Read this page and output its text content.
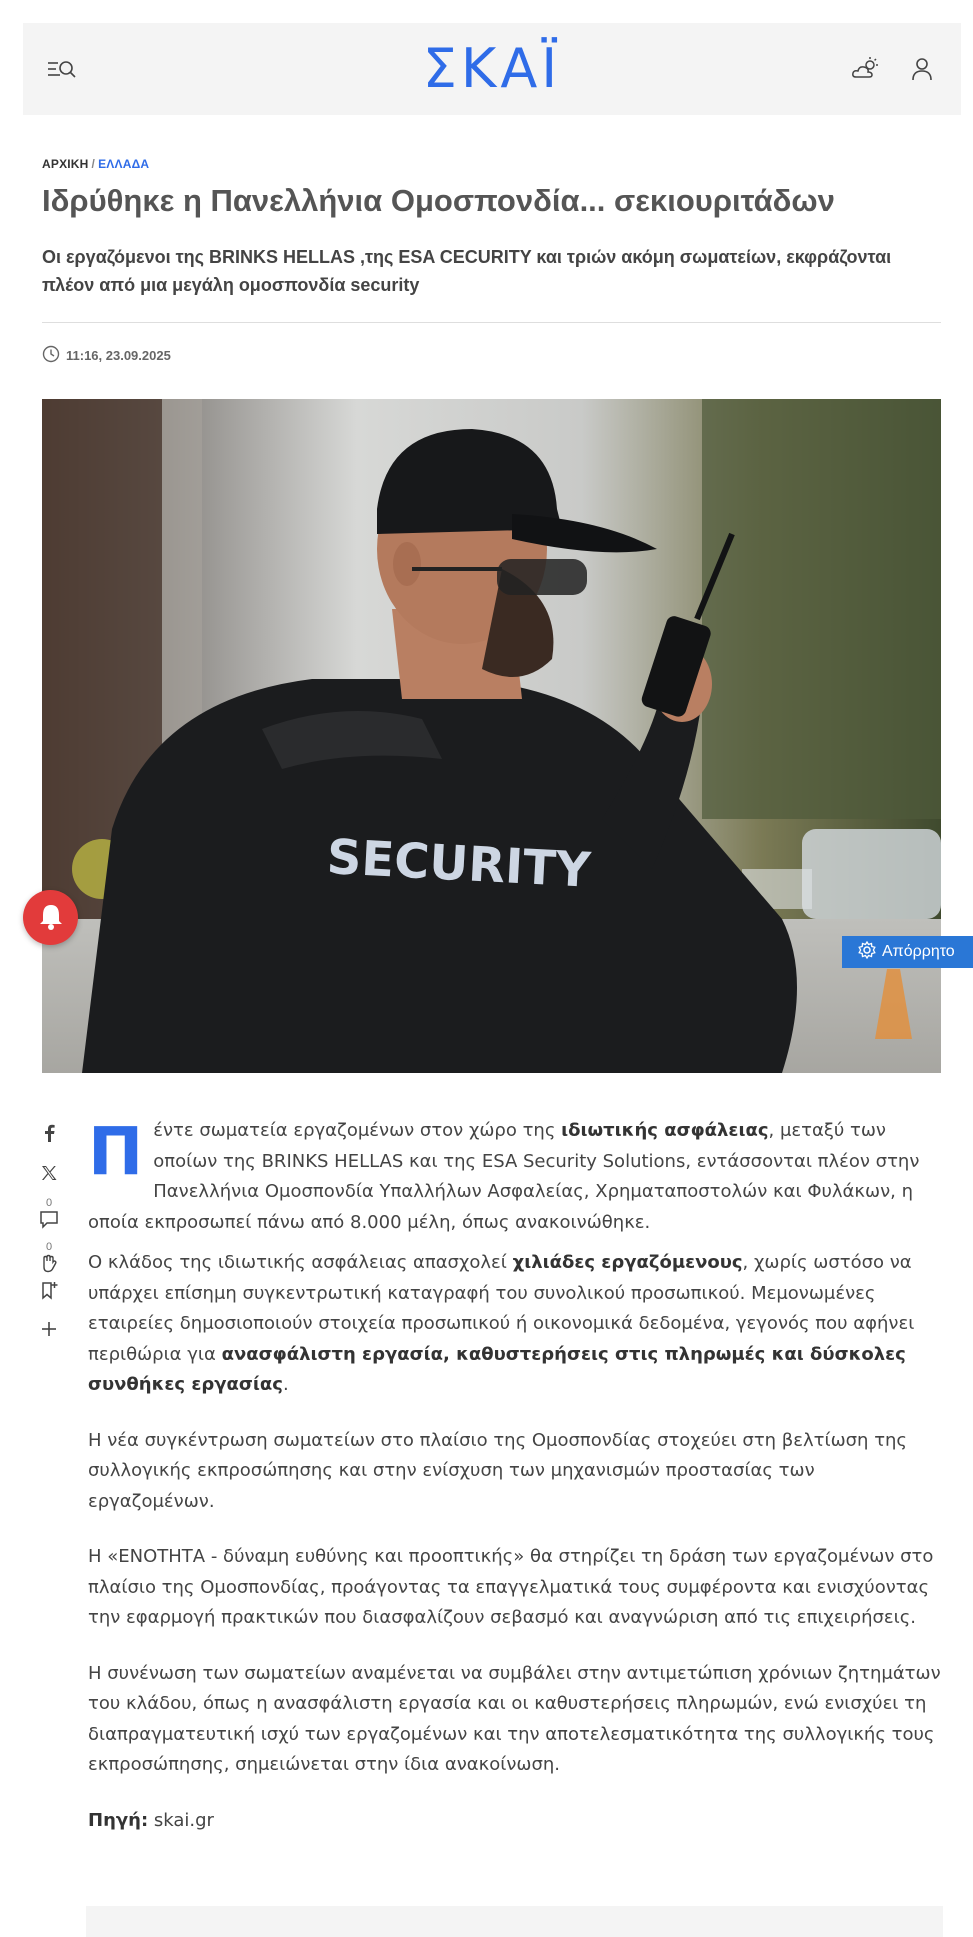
ΣΚΑΪ
ΑΡΧΙΚΗ / ΕΛΛΑΔΑ
Ιδρύθηκε η Πανελλήνια Ομοσπονδία... σεκιουριτάδων
Οι εργαζόμενοι της BRINKS HELLAS ,της ESA CECURITY και τριών ακόμη σωματείων, εκφράζονται πλέον από μια μεγάλη ομοσπονδία security
11:16, 23.09.2025
SECURITY
Απόρρητο
0
0

Πέντε σωματεία εργαζομένων στον χώρο της ιδιωτικής ασφάλειας, μεταξύ των οποίων της BRINKS HELLAS και της ESA Security Solutions, εντάσσονται πλέον στην Πανελλήνια Ομοσπονδία Υπαλλήλων Ασφαλείας, Χρηματαποστολών και Φυλάκων, η οποία εκπροσωπεί πάνω από 8.000 μέλη, όπως ανακοινώθηκε.

Ο κλάδος της ιδιωτικής ασφάλειας απασχολεί χιλιάδες εργαζόμενους, χωρίς ωστόσο να υπάρχει επίσημη συγκεντρωτική καταγραφή του συνολικού προσωπικού. Μεμονωμένες εταιρείες δημοσιοποιούν στοιχεία προσωπικού ή οικονομικά δεδομένα, γεγονός που αφήνει περιθώρια για ανασφάλιστη εργασία, καθυστερήσεις στις πληρωμές και δύσκολες συνθήκες εργασίας.

Η νέα συγκέντρωση σωματείων στο πλαίσιο της Ομοσπονδίας στοχεύει στη βελτίωση της συλλογικής εκπροσώπησης και στην ενίσχυση των μηχανισμών προστασίας των εργαζομένων.

Η «ΕΝΟΤΗΤΑ - δύναμη ευθύνης και προοπτικής» θα στηρίζει τη δράση των εργαζομένων στο πλαίσιο της Ομοσπονδίας, προάγοντας τα επαγγελματικά τους συμφέροντα και ενισχύοντας την εφαρμογή πρακτικών που διασφαλίζουν σεβασμό και αναγνώριση από τις επιχειρήσεις.

Η συνένωση των σωματείων αναμένεται να συμβάλει στην αντιμετώπιση χρόνιων ζητημάτων του κλάδου, όπως η ανασφάλιστη εργασία και οι καθυστερήσεις πληρωμών, ενώ ενισχύει τη διαπραγματευτική ισχύ των εργαζομένων και την αποτελεσματικότητα της συλλογικής τους εκπροσώπησης, σημειώνεται στην ίδια ανακοίνωση.

Πηγή: skai.gr
